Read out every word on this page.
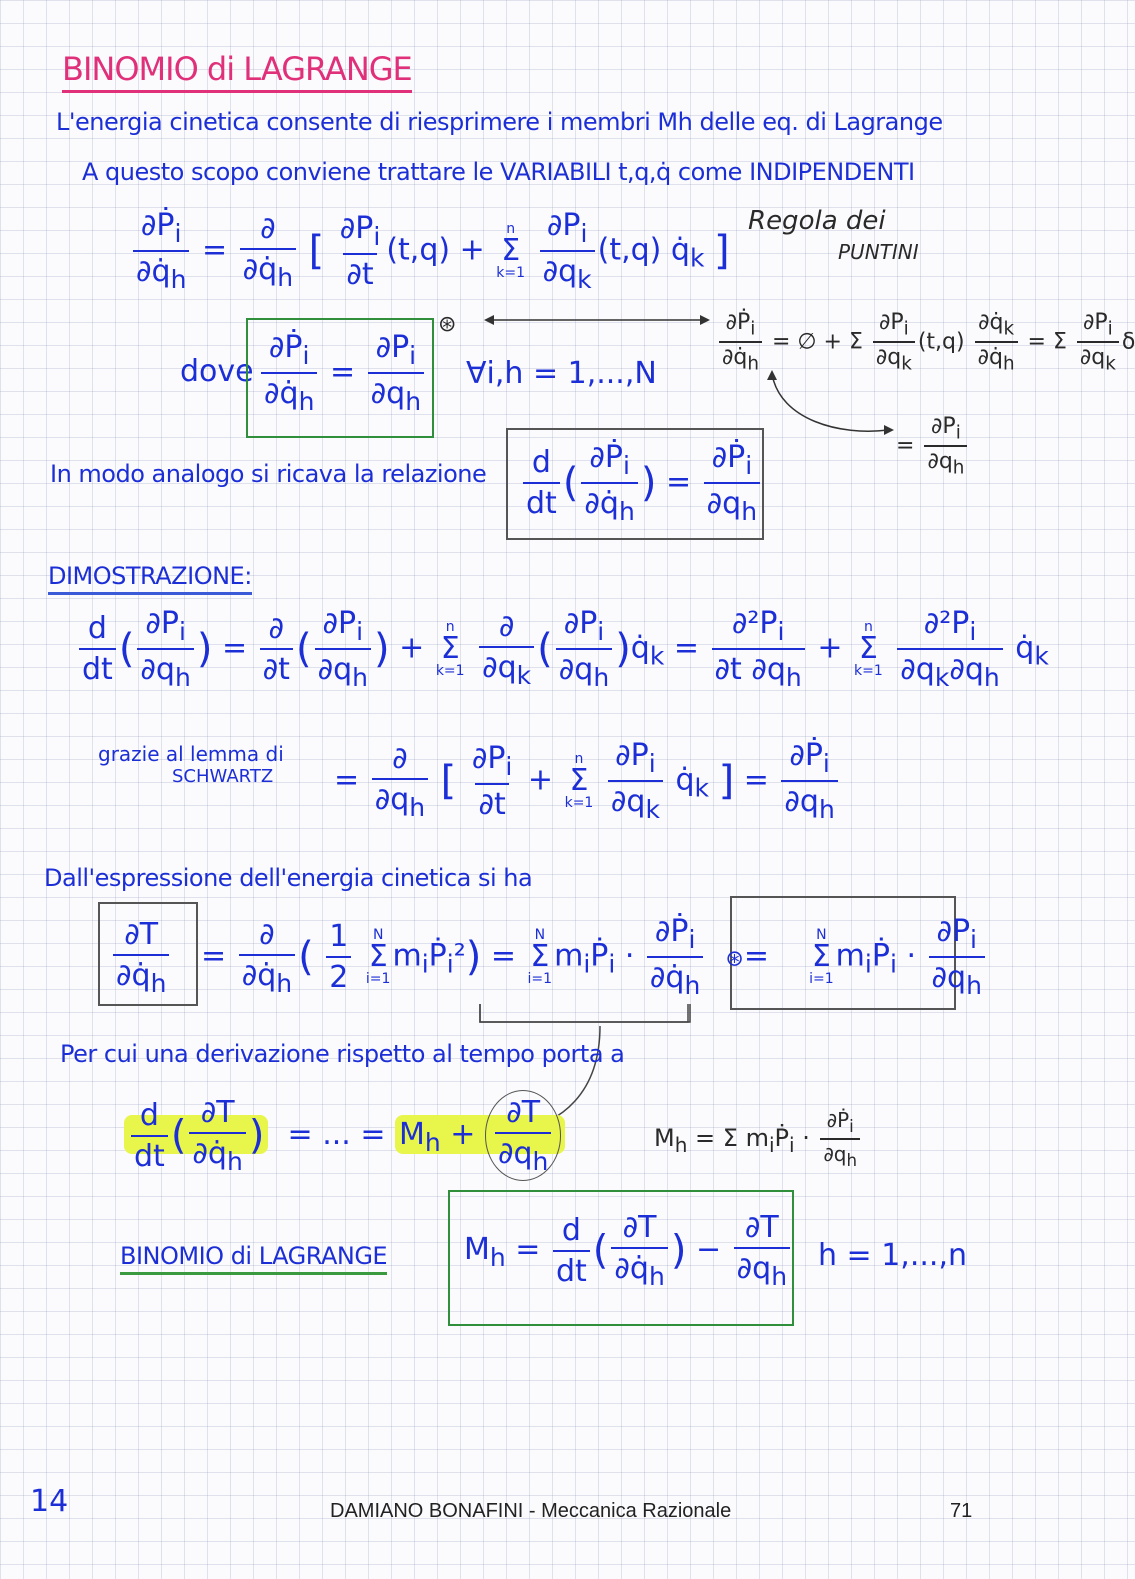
BINOMIO di LAGRANGE
L'energia cinetica consente di riesprimere i membri Mh delle eq. di Lagrange
A questo scopo conviene trattare le VARIABILI t,q,q̇ come INDIPENDENTI
Regola dei
PUNTINI
$\frac{\partial Ṗ_i}{\partial q̇_h} = \frac{\partial}{\partial q̇_h}$ [ $\frac{\partial P_i}{\partial t} (t,q)$ +
n
Σ
k=1
$\frac{\partial P_i}{\partial q_k} (t,q)$ $q̇_k$ ]
⊛
dove $\frac{\partial Ṗ_i}{\partial q̇_h} = \frac{\partial P_i}{\partial q_h}$ ∀i,h = 1,...,N	$\frac{\partial Ṗ_i}{\partial q̇_h}$ = ∅ + Σ $\frac{\partial P_i}{\partial q_k} (t,q) \frac{\partial q̇_k}{\partial q̇_h} = \Sigma \frac{\partial P_i}{\partial q_k}$ δ
= $\frac{\partial P_i}{\partial q_h}$
In modo analogo si ricava la relazione $\frac{d}{dt}$ ( $\frac{\partial Ṗ_i}{\partial q̇_h}$ ) = $\frac{\partial Ṗ_i}{\partial q_h}$
DIMOSTRAZIONE:
$\frac{d}{dt}$ ( $\frac{\partial P_i}{\partial q_h}$ ) = $\frac{\partial}{\partial t}$ ( $\frac{\partial P_i}{\partial q_h}$ ) +
n
Σ
k=1
$\frac{\partial}{\partial q_k}$ ( $\frac{\partial P_i}{\partial q_h}$ )$q̇_k = \frac{\partial^2P_i}{\partial t \partial q_h}$ +
n
Σ
k=1
$\frac{\partial^2P_i}{\partial q_k\partial q_h}$ $q̇_k$
grazie al lemma di
SCHWARTZ = $\frac{\partial}{\partial q_h}$ [ $\frac{\partial P_i}{\partial t}$ +
n
Σ
k=1
$\frac{\partial P_i}{\partial q_k}$ $q̇_k$ ] = $\frac{\partial Ṗ_i}{\partial q_h}$
Dall'espressione dell'energia cinetica si ha
$\frac{\partial T}{\partial q̇_h} = \frac{\partial}{\partial q̇_h}$ ( $\frac{1}{2}$
N
Σ
i=1
$m_iṖ_i^2$) =
N
Σ
i=1
$m_iṖ_i \cdot \frac{\partial Ṗ_i}{\partial q̇_h}$ ⊛=
N
Σ
i=1
$m_iṖ_i \cdot \frac{\partial P_i}{\partial q_h}$
Per cui una derivazione rispetto al tempo porta a
$\frac{d}{dt}$ ( $\frac{\partial T}{\partial q̇_h}$ )  = ... = $M_h + \frac{\partial T}{\partial q_h}$	$M_h = \Sigma$ $m_iṖ_i \cdot \frac{\partial Ṗ_i}{\partial q_h}$
BINOMIO di LAGRANGE	$M_h = \frac{d}{dt}$ ( $\frac{\partial T}{\partial q̇_h}$ ) − $\frac{\partial T}{\partial q_h}$ h = 1,...,n
14	DAMIANO BONAFINI - Meccanica Razionale	71
